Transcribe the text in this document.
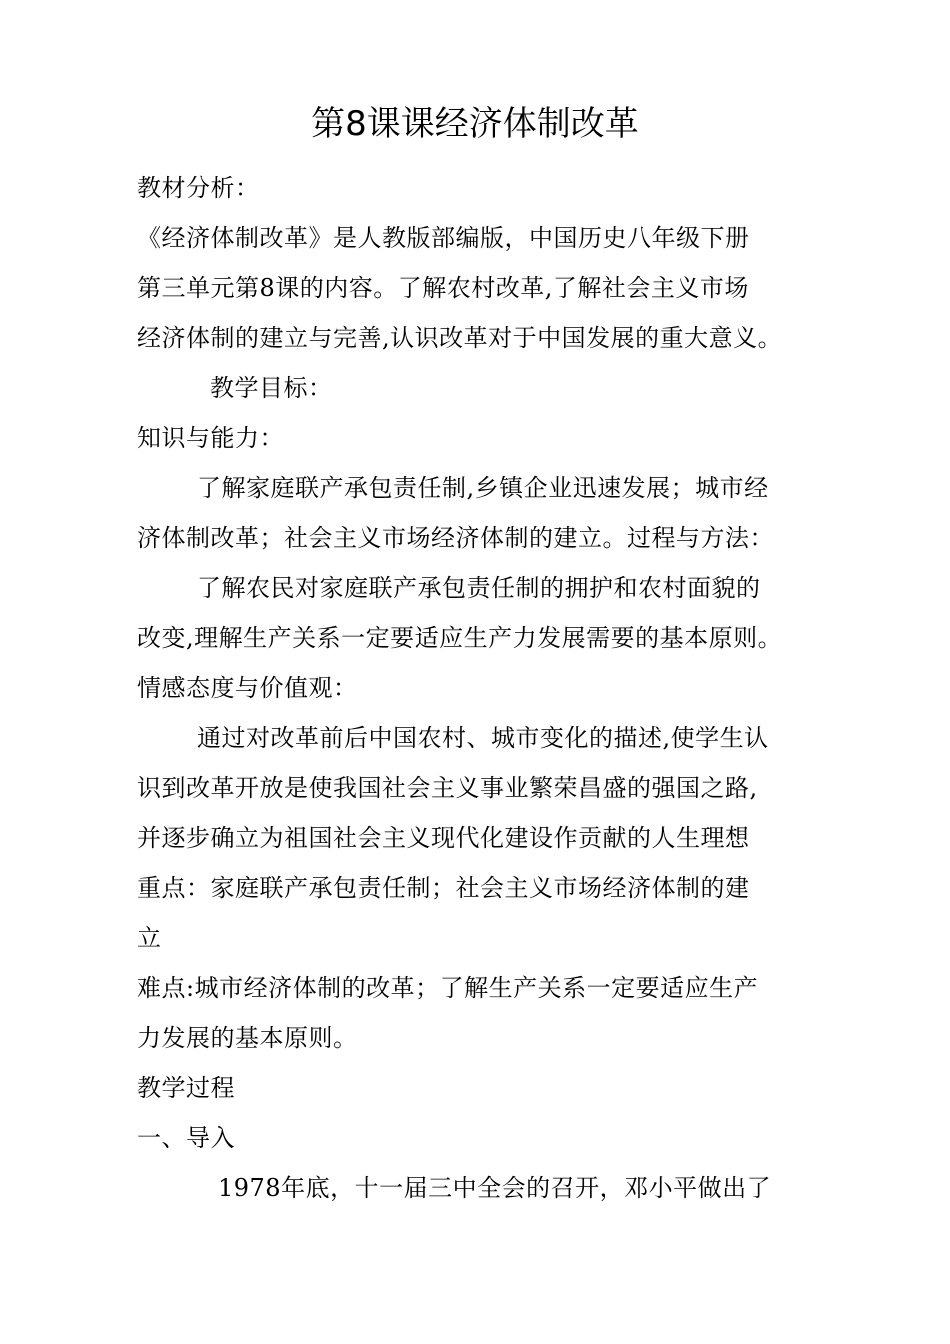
第8课课经济体制改革
教材分析：
《经济体制改革》是人教版部编版，中国历史八年级下册
第三单元第8课的内容。了解农村改革,了解社会主义市场
经济体制的建立与完善,认识改革对于中国发展的重大意义。
教学目标：
知识与能力：
了解家庭联产承包责任制,乡镇企业迅速发展；城市经
济体制改革；社会主义市场经济体制的建立。过程与方法：
了解农民对家庭联产承包责任制的拥护和农村面貌的
改变,理解生产关系一定要适应生产力发展需要的基本原则。
情感态度与价值观：
通过对改革前后中国农村、城市变化的描述,使学生认
识到改革开放是使我国社会主义事业繁荣昌盛的强国之路,
并逐步确立为祖国社会主义现代化建设作贡献的人生理想
重点：家庭联产承包责任制；社会主义市场经济体制的建
立
难点:城市经济体制的改革；了解生产关系一定要适应生产
力发展的基本原则。
教学过程
一、导入
1978年底，十一届三中全会的召开，邓小平做出了
